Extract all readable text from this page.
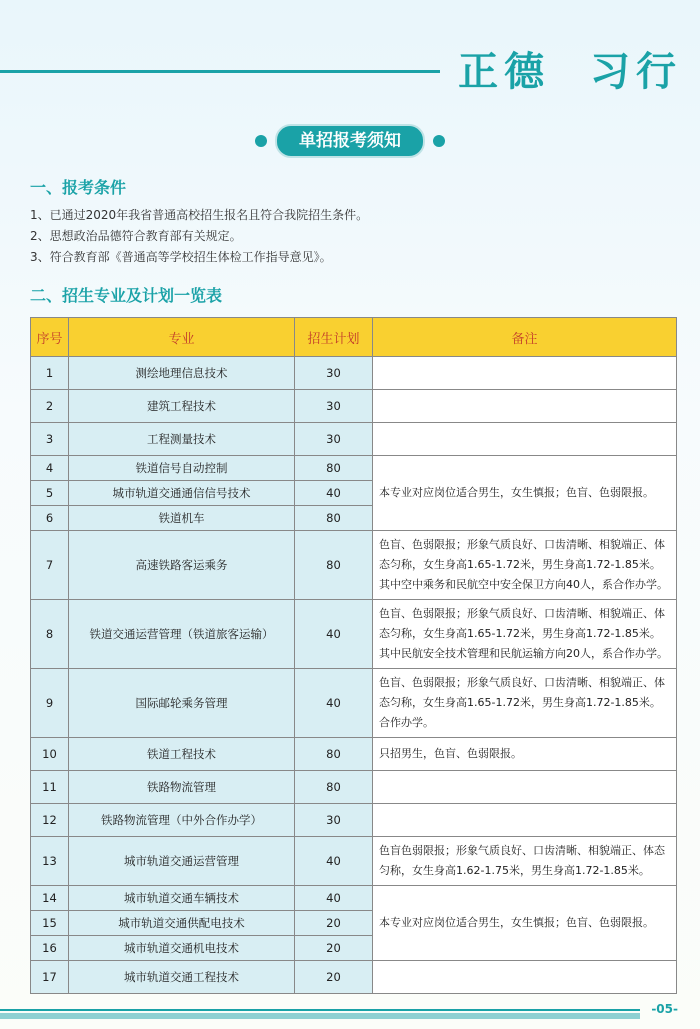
正德  习行
单招报考须知
一、报考条件
1、已通过2020年我省普通高校招生报名且符合我院招生条件。
2、思想政治品德符合教育部有关规定。
3、符合教育部《普通高等学校招生体检工作指导意见》。
二、招生专业及计划一览表
序号	专业	招生计划	备注
1	测绘地理信息技术	30	
2	建筑工程技术	30	
3	工程测量技术	30	
4	铁道信号自动控制	80	本专业对应岗位适合男生，女生慎报；色盲、色弱限报。
5	城市轨道交通通信信号技术	40	
6	铁道机车	80	
7	高速铁路客运乘务	80	色盲、色弱限报；形象气质良好、口齿清晰、相貌端正、体态匀称，女生身高1.65-1.72米，男生身高1.72-1.85米。其中空中乘务和民航空中安全保卫方向40人，系合作办学。
8	铁道交通运营管理（铁道旅客运输）	40	色盲、色弱限报；形象气质良好、口齿清晰、相貌端正、体态匀称，女生身高1.65-1.72米，男生身高1.72-1.85米。其中民航安全技术管理和民航运输方向20人，系合作办学。
9	国际邮轮乘务管理	40	色盲、色弱限报；形象气质良好、口齿清晰、相貌端正、体态匀称，女生身高1.65-1.72米，男生身高1.72-1.85米。合作办学。
10	铁道工程技术	80	只招男生，色盲、色弱限报。
11	铁路物流管理	80	
12	铁路物流管理（中外合作办学）	30	
13	城市轨道交通运营管理	40	色盲色弱限报；形象气质良好、口齿清晰、相貌端正、体态匀称，女生身高1.62-1.75米，男生身高1.72-1.85米。
14	城市轨道交通车辆技术	40	本专业对应岗位适合男生，女生慎报；色盲、色弱限报。
15	城市轨道交通供配电技术	20	
16	城市轨道交通机电技术	20	
17	城市轨道交通工程技术	20	
-05-
